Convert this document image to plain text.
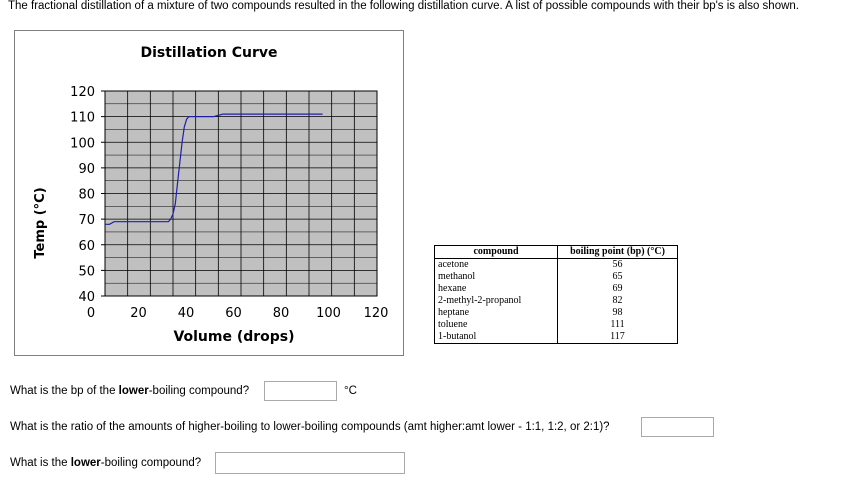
The fractional distillation of a mixture of two compounds resulted in the following distillation curve. A list of possible compounds with their bp's is also shown.
Distillation Curve
Temp (°C)
Volume (drops)
120
110
100
90
80
70
60
50
40
0	20 40 60 80 100 120
compound	boiling point (bp) (°C)
acetone	56
methanol	65
hexane	69
2-methyl-2-propanol	82
heptane	98
toluene	111
1-butanol	117
What is the bp of the lower-boiling compound?	°C
What is the ratio of the amounts of higher-boiling to lower-boiling compounds (amt higher:amt lower - 1:1, 1:2, or 2:1)?
What is the lower-boiling compound?
